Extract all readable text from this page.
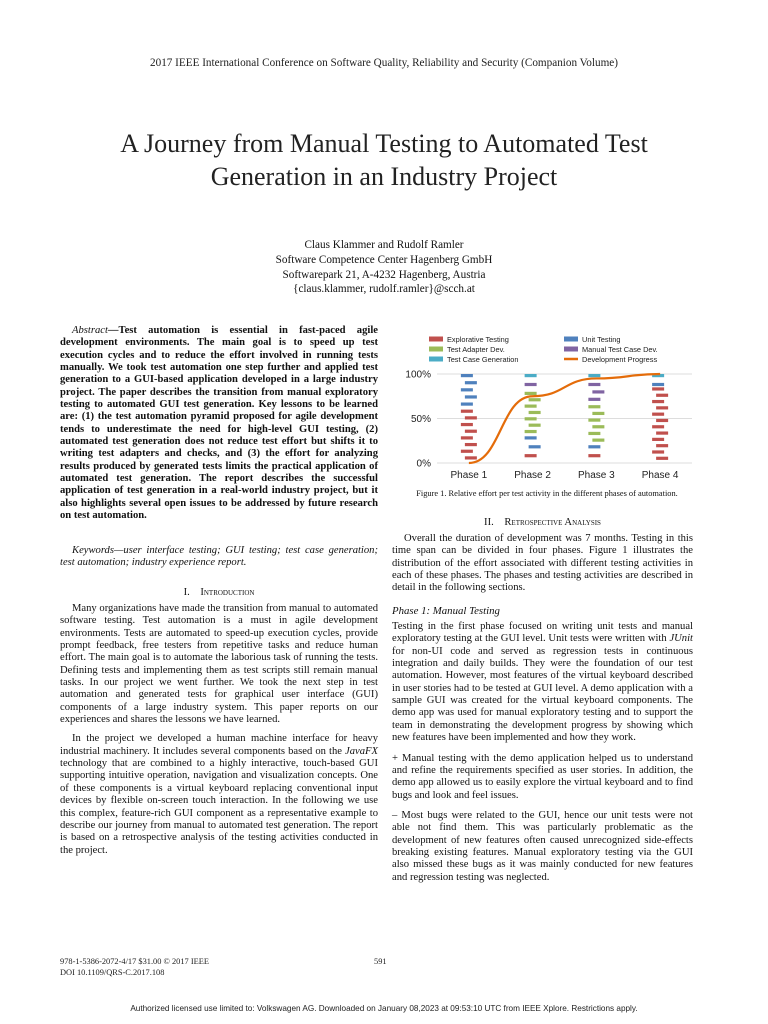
2017 IEEE International Conference on Software Quality, Reliability and Security (Companion Volume)
A Journey from Manual Testing to Automated Test
Generation in an Industry Project
Claus Klammer and Rudolf Ramler
Software Competence Center Hagenberg GmbH
Softwarepark 21, A-4232 Hagenberg, Austria
{claus.klammer, rudolf.ramler}@scch.at

Abstract—Test automation is essential in fast-paced agile development environments. The main goal is to speed up test execution cycles and to reduce the effort involved in running tests manually. We took test automation one step further and applied test generation to a GUI-based application developed in a large industry project. The paper describes the transition from manual exploratory testing to automated GUI test generation. Key lessons to be learned are: (1) the test automation pyramid proposed for agile development tends to underestimate the need for high-level GUI testing, (2) automated test generation does not reduce test effort but shifts it to writing test adapters and checks, and (3) the effort for analyzing results produced by generated tests limits the practical application of automated test generation. The report describes the successful application of test generation in a real-world industry project, but it also highlights several open issues to be addressed by future research on test automation.

Keywords—user interface testing; GUI testing; test case generation; test automation; industry experience report.

I. Introduction

Many organizations have made the transition from manual to automated software testing. Test automation is a must in agile development environments. Tests are automated to speed-up execution cycles, provide prompt feedback, free testers from repetitive tasks and reduce human effort. The main goal is to automate the laborious task of running the tests. Defining tests and implementing them as test scripts still remain manual tasks. In our project we went further. We took the next step in test automation and generated tests for graphical user interface (GUI) components of a large industry system. This paper reports on our experiences and shares the lessons we have learned.

In the project we developed a human machine interface for heavy industrial machinery. It includes several components based on the JavaFX technology that are combined to a highly interactive, touch-based GUI supporting intuitive operation, navigation and visualization concepts. One of these components is a virtual keyboard replacing conventional input devices by flexible on-screen touch interaction. In the following we use this complex, feature-rich GUI component as a representative example to describe our journey from manual to automated test generation. The report is based on a retrospective analysis of the testing activities conducted in the project.

Explorative Testing	Unit Testing
Test Adapter Dev.	Manual Test Case Dev.
Test Case Generation	Development Progress
0%
50%
100%
Phase 1	Phase 2	Phase 3	Phase 4
Figure 1. Relative effort per test activity in the different phases of automation.
II. Retrospective Analysis

Overall the duration of development was 7 months. Testing in this time span can be divided in four phases. Figure 1 illustrates the distribution of the effort associated with different testing activities in each of these phases. The phases and testing activities are described in detail in the following sections.

Phase 1: Manual Testing

Testing in the first phase focused on writing unit tests and manual exploratory testing at the GUI level. Unit tests were written with JUnit for non-UI code and served as regression tests in continuous integration and daily builds. They were the foundation of our test automation. However, most features of the virtual keyboard described in user stories had to be tested at GUI level. A demo application with a sample GUI was created for the virtual keyboard components. The demo app was used for manual exploratory testing and to support the team in demonstrating the development progress by showing which new features have been implemented and how they work.

+ Manual testing with the demo application helped us to understand and refine the requirements specified as user stories. In addition, the demo app allowed us to easily explore the virtual keyboard and to find bugs and look and feel issues.

– Most bugs were related to the GUI, hence our unit tests were not able not find them. This was particularly problematic as the development of new features often caused unrecognized side-effects breaking existing features. Manual exploratory testing via the GUI also missed these bugs as it was mainly conducted for new features and regression testing was neglected.

978-1-5386-2072-4/17 $31.00 © 2017 IEEE
DOI 10.1109/QRS-C.2017.108
591
Authorized licensed use limited to: Volkswagen AG. Downloaded on January 08,2023 at 09:53:10 UTC from IEEE Xplore. Restrictions apply.
